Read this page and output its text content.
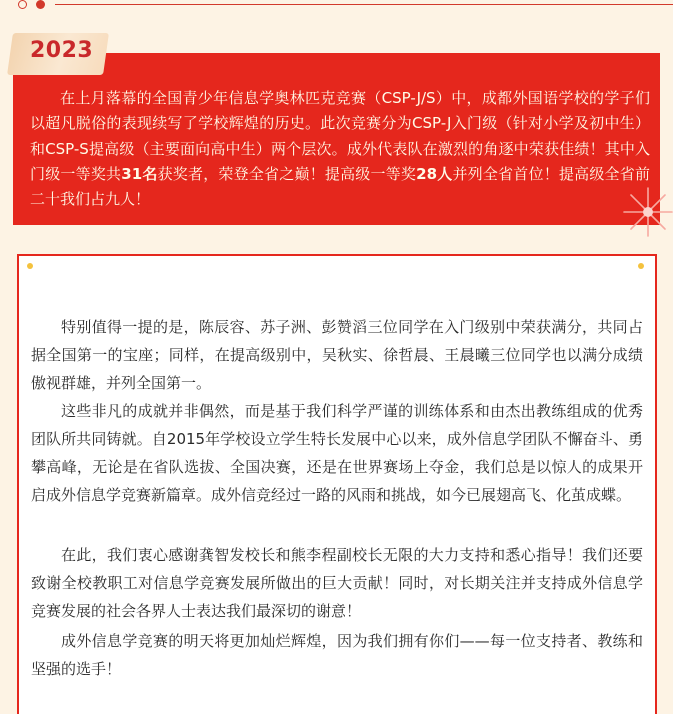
2023

在上月落幕的全国青少年信息学奥林匹克竞赛（CSP-J/S）中，成都外国语学校的学子们以超凡脱俗的表现续写了学校辉煌的历史。此次竞赛分为CSP-J入门级（针对小学及初中生）和CSP-S提高级（主要面向高中生）两个层次。成外代表队在激烈的角逐中荣获佳绩！其中入门级一等奖共31名获奖者，荣登全省之巅！提高级一等奖28人并列全省首位！提高级全省前二十我们占九人！

特别值得一提的是，陈辰容、苏子洲、彭赞滔三位同学在入门级别中荣获满分，共同占据全国第一的宝座；同样，在提高级别中，吴秋实、徐哲晨、王晨曦三位同学也以满分成绩傲视群雄，并列全国第一。

这些非凡的成就并非偶然，而是基于我们科学严谨的训练体系和由杰出教练组成的优秀团队所共同铸就。自2015年学校设立学生特长发展中心以来，成外信息学团队不懈奋斗、勇攀高峰，无论是在省队选拔、全国决赛，还是在世界赛场上夺金，我们总是以惊人的成果开启成外信息学竞赛新篇章。成外信竞经过一路的风雨和挑战，如今已展翅高飞、化茧成蝶。

在此，我们衷心感谢龚智发校长和熊李程副校长无限的大力支持和悉心指导！我们还要致谢全校教职工对信息学竞赛发展所做出的巨大贡献！同时，对长期关注并支持成外信息学竞赛发展的社会各界人士表达我们最深切的谢意！

成外信息学竞赛的明天将更加灿烂辉煌，因为我们拥有你们——每一位支持者、教练和坚强的选手！
